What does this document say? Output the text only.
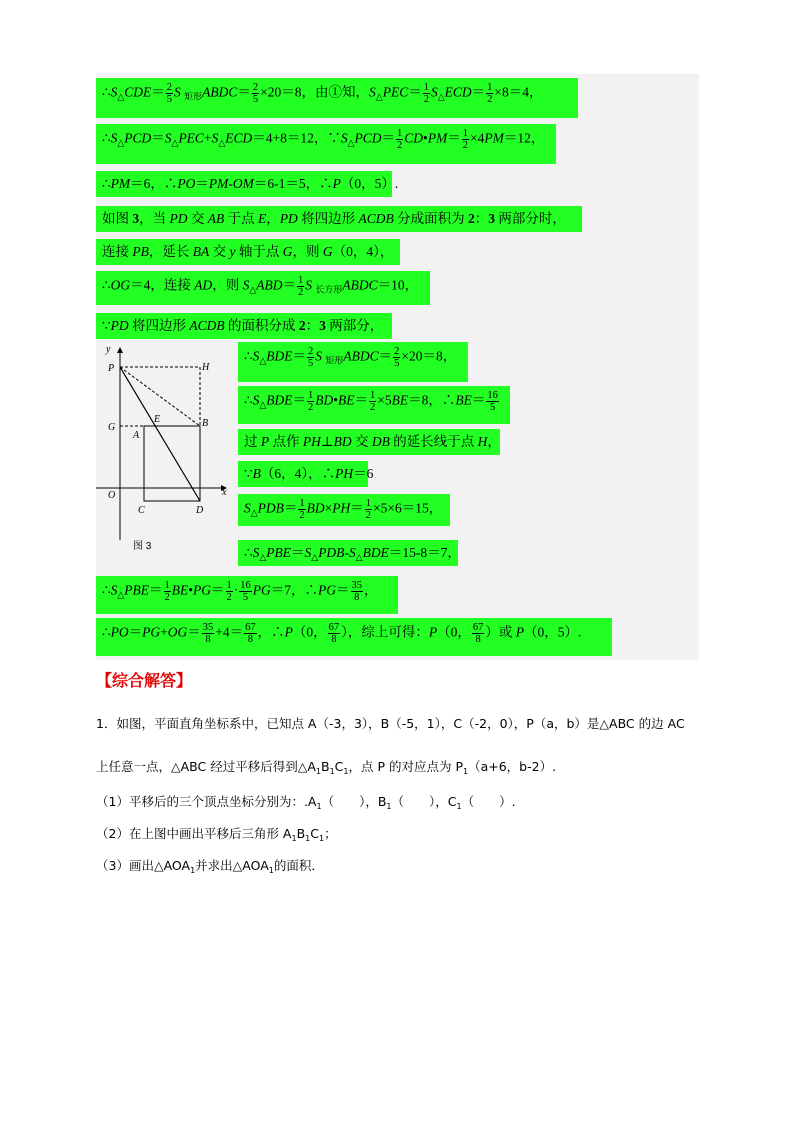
$\therefore S_\triangle CDE= \frac{2}{5}$ S $_{矩形}$ABDC＝ $\frac{2}{5} \times 20=8$，由①知，$S_\triangle PEC= \frac{1}{2} S_\triangle ECD= \frac{1}{2} \times 8=4$，
$\therefore S_\triangle PCD=S_\triangle PEC+S_\triangle ECD=4+8=12$，$\because S_\triangle PCD= \frac{1}{2}$ CD•PM＝ $\frac{1}{2} \times 4PM=12$，
∴PM＝6，∴PO＝PM-OM＝6-1＝5，∴P（0，5）.
如图 3，当 PD 交 AB 于点 E，PD 将四边形 ACDB 分成面积为 2：3 两部分时，
连接 PB，延长 BA 交 y 轴于点 G，则 G（0，4），
∴OG＝4，连接 AD，则 $S_\triangle ABD= \frac{1}{2}$ S $_{长方形}$ABDC＝10，
∵PD 将四边形 ACDB 的面积分成 2：3 两部分，
y
P	H
E
G
A
B
O
C	D
x
图 3
$\therefore S_\triangle BDE= \frac{2}{5}$ S $_{矩形}$ABDC＝ $\frac{2}{5} \times 20=8$，
$\therefore S_\triangle BDE= \frac{1}{2}$ BD•BE＝ $\frac{1}{2} \times 5BE=8$，∴BE＝ $\frac{16}{5}$
过 P 点作 PH⊥BD 交 DB 的延长线于点 H，
∵B（6，4），∴PH＝6
$S_\triangle PDB= \frac{1}{2} BD\times PH= \frac{1}{2} \times 5\times 6=15$，
$\therefore S_\triangle PBE=S_\triangle PDB-S_\triangle BDE=15-8=7$，
$\therefore S_\triangle PBE= \frac{1}{2}$ BE•PG＝ $\frac{1}{2} \cdot \frac{16}{5} PG=7$，∴PG＝ $\frac{35}{8}$ ，
∴PO＝PG+OG＝ $\frac{35}{8} +4= \frac{67}{8}$ ，∴P（0， $\frac{67}{8}$ ），综上可得：P（0， $\frac{67}{8}$ ）或 P（0，5）.
【综合解答】
1．如图，平面直角坐标系中，已知点 A（-3，3），B（-5，1），C（-2，0），P（a，b）是△ABC 的边 AC
上任意一点，△ABC 经过平移后得到$\triangle A_1B_1C_1$，点 P 的对应点为 $P_1(a+6$，b-2）.
（1）平移后的三个顶点坐标分别为：$.A_1$（　　），$B_1$（　　），$C_1$（　　）.
（2）在上图中画出平移后三角形 $A_1B_1C_1$；
（3）画出$\triangle AOA_1$并求出$\triangle AOA_1$的面积．
